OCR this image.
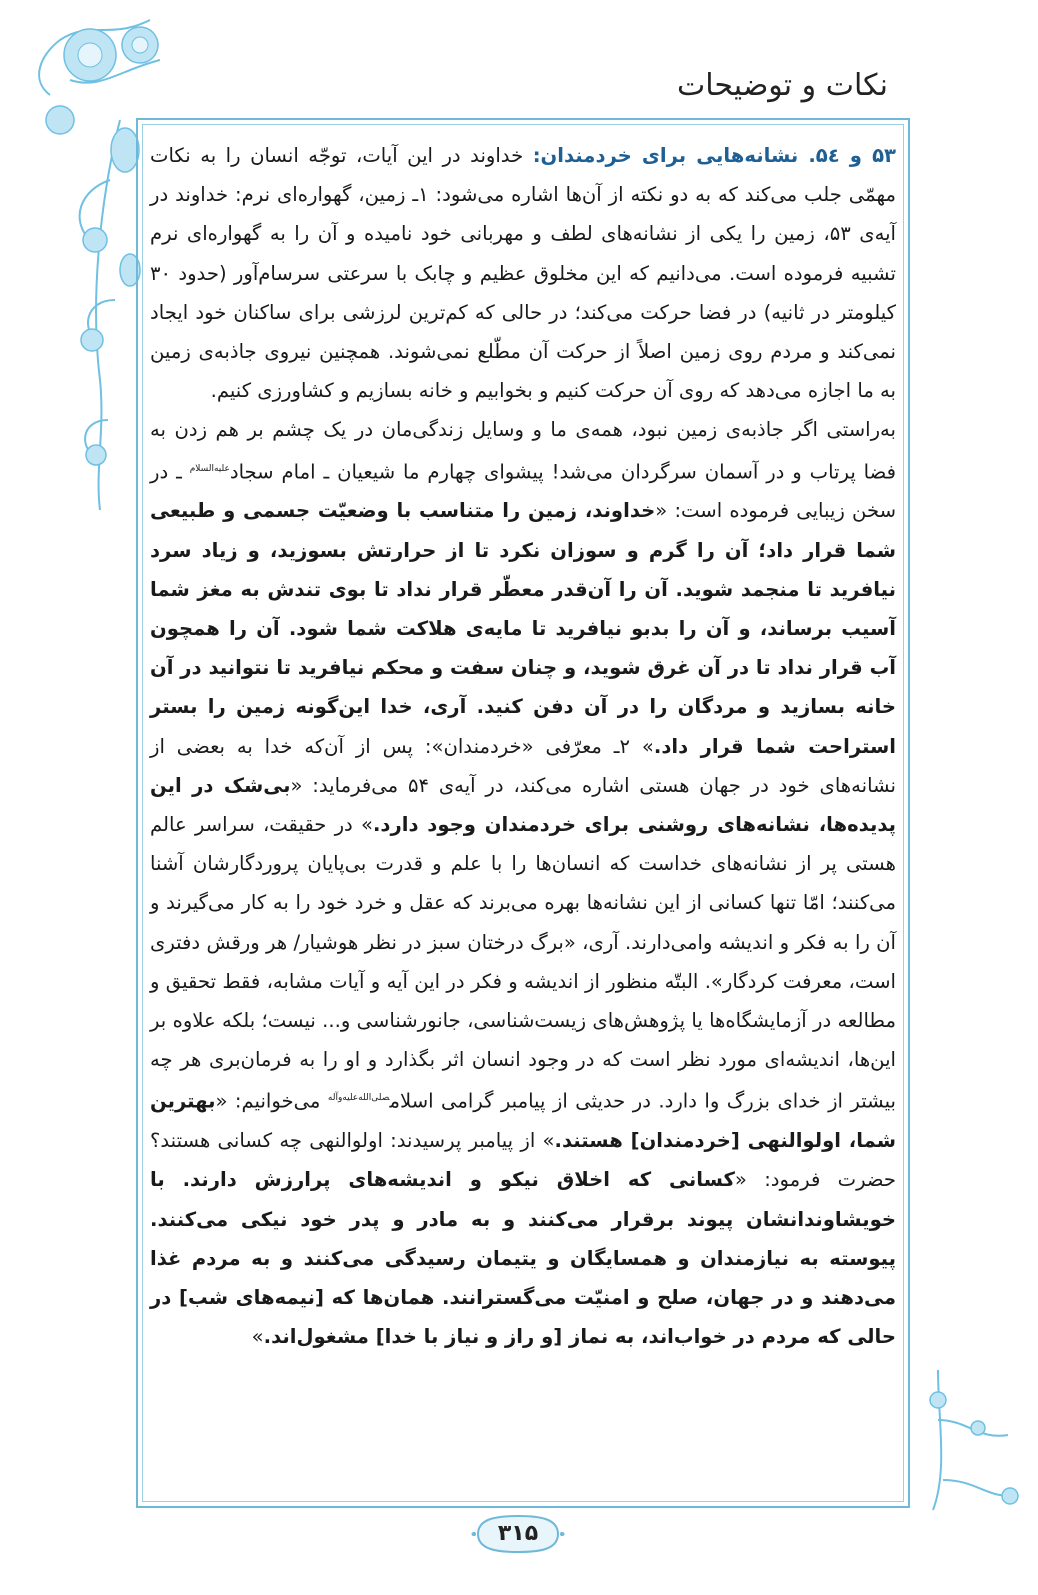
نکات و توضیحات

۵۳ و ۵٤. نشانه‌هایی برای خردمندان: خداوند در این آیات، توجّه انسان را به نکات مهمّی جلب می‌کند که به دو نکته از آن‌ها اشاره می‌شود: ۱ـ زمین، گهواره‌ای نرم: خداوند در آیه‌ی ۵۳، زمین را یکی از نشانه‌های لطف و مهربانی خود نامیده و آن را به گهواره‌ای نرم تشبیه فرموده است. می‌دانیم که این مخلوق عظیم و چابک با سرعتی سرسام‌آور (حدود ۳۰ کیلومتر در ثانیه) در فضا حرکت می‌کند؛ در حالی که کم‌ترین لرزشی برای ساکنان خود ایجاد نمی‌کند و مردم روی زمین اصلاً از حرکت آن مطّلع نمی‌شوند. همچنین نیروی جاذبه‌ی زمین به ما اجازه می‌دهد که روی آن حرکت کنیم و بخوابیم و خانه بسازیم و کشاورزی کنیم.

به‌راستی اگر جاذبه‌ی زمین نبود، همه‌ی ما و وسایل زندگی‌مان در یک چشم بر هم زدن به فضا پرتاب و در آسمان سرگردان می‌شد! پیشوای چهارم ما شیعیان ـ امام سجاد$^{علیه‌السلام}$ ـ در سخن زیبایی فرموده است: «خداوند، زمین را متناسب با وضعیّت جسمی و طبیعی شما قرار داد؛ آن را گرم و سوزان نکرد تا از حرارتش بسوزید، و زیاد سرد نیافرید تا منجمد شوید. آن را آن‌قدر معطّر قرار نداد تا بوی تندش به مغز شما آسیب برساند، و آن را بدبو نیافرید تا مایه‌ی هلاکت شما شود. آن را همچون آب قرار نداد تا در آن غرق شوید، و چنان سفت و محکم نیافرید تا نتوانید در آن خانه بسازید و مردگان را در آن دفن کنید. آری، خدا این‌گونه زمین را بستر استراحت شما قرار داد.» ۲ـ معرّفی «خردمندان»: پس از آن‌که خدا به بعضی از نشانه‌های خود در جهان هستی اشاره می‌کند، در آیه‌ی ۵۴ می‌فرماید: «بی‌شک در این پدیده‌ها، نشانه‌های روشنی برای خردمندان وجود دارد.» در حقیقت، سراسر عالم هستی پر از نشانه‌های خداست که انسان‌ها را با علم و قدرت بی‌پایان پروردگارشان آشنا می‌کنند؛ امّا تنها کسانی از این نشانه‌ها بهره می‌برند که عقل و خرد خود را به کار می‌گیرند و آن را به فکر و اندیشه وامی‌دارند. آری، «برگ درختان سبز در نظر هوشیار/ هر ورقش دفتری است، معرفت کردگار». البتّه منظور از اندیشه و فکر در این آیه و آیات مشابه، فقط تحقیق و مطالعه در آزمایشگاه‌ها یا پژوهش‌های زیست‌شناسی، جانورشناسی و... نیست؛ بلکه علاوه بر این‌ها، اندیشه‌ای مورد نظر است که در وجود انسان اثر بگذارد و او را به فرمان‌بری هر چه بیشتر از خدای بزرگ وا دارد. در حدیثی از پیامبر گرامی اسلام$^{صلی‌الله‌علیه‌وآله}$ می‌خوانیم: «بهترین شما، اولوالنهی [خردمندان] هستند.» از پیامبر پرسیدند: اولوالنهی چه کسانی هستند؟ حضرت فرمود: «کسانی که اخلاق نیکو و اندیشه‌های پرارزش دارند. با خویشاوندانشان پیوند برقرار می‌کنند و به مادر و پدر خود نیکی می‌کنند. پیوسته به نیازمندان و همسایگان و یتیمان رسیدگی می‌کنند و به مردم غذا می‌دهند و در جهان، صلح و امنیّت می‌گسترانند. همان‌ها که [نیمه‌های شب] در حالی که مردم در خواب‌اند، به نماز [و راز و نیاز با خدا] مشغول‌اند.»

۳۱۵
